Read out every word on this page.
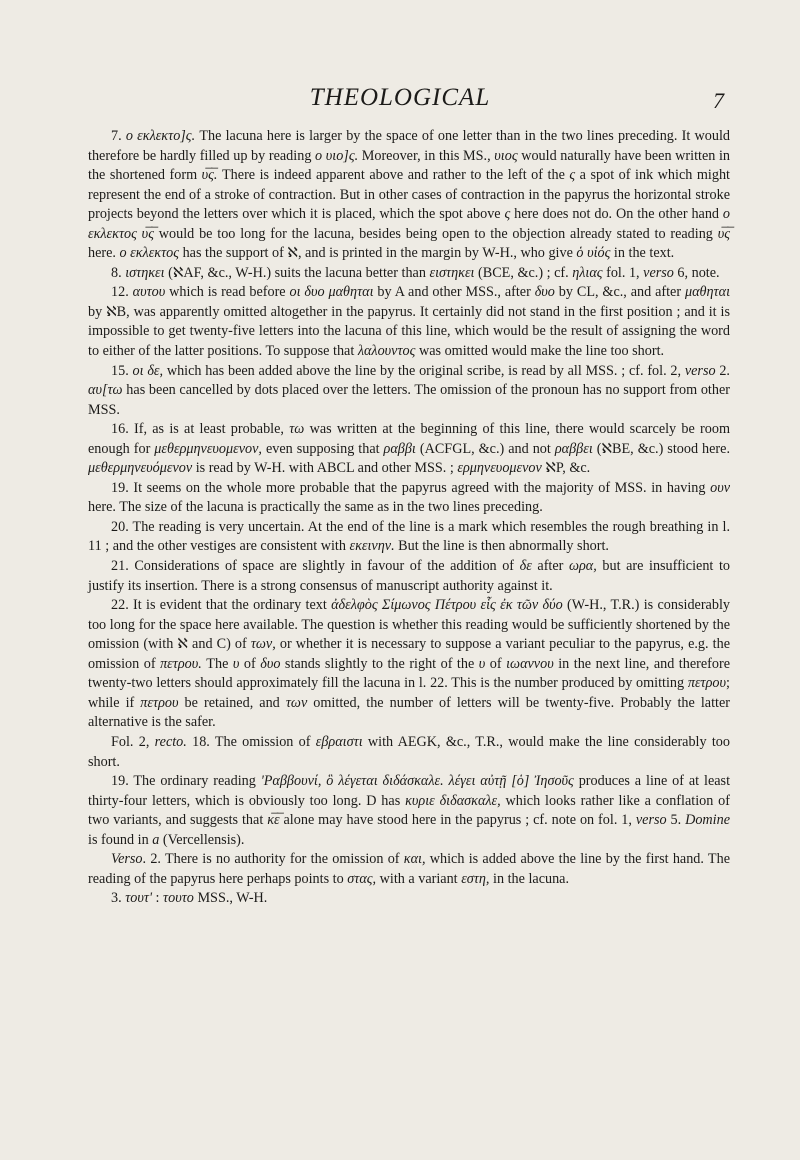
THEOLOGICAL	7

7. ο εκλεκτο]ς. The lacuna here is larger by the space of one letter than in the two lines preceding. It would therefore be hardly filled up by reading ο υιο]ς. Moreover, in this MS., υιος would naturally have been written in the shortened form υ̅ς̅. There is indeed apparent above and rather to the left of the ς a spot of ink which might represent the end of a stroke of contraction. But in other cases of contraction in the papyrus the horizontal stroke projects beyond the letters over which it is placed, which the spot above ς here does not do. On the other hand ο εκλεκτος υ̅ς̅ would be too long for the lacuna, besides being open to the objection already stated to reading υ̅ς̅ here. ο εκλεκτος has the support of ℵ, and is printed in the margin by W-H., who give ὁ υἱός in the text.

8. ιστηκει (ℵAF, &c., W-H.) suits the lacuna better than ειστηκει (BCE, &c.) ; cf. ηλιας fol. 1, verso 6, note.

12. αυτου which is read before οι δυο μαθηται by A and other MSS., after δυο by CL, &c., and after μαθηται by ℵB, was apparently omitted altogether in the papyrus. It certainly did not stand in the first position ; and it is impossible to get twenty-five letters into the lacuna of this line, which would be the result of assigning the word to either of the latter positions. To suppose that λαλουντος was omitted would make the line too short.

15. οι δε, which has been added above the line by the original scribe, is read by all MSS. ; cf. fol. 2, verso 2. αυ[τω has been cancelled by dots placed over the letters. The omission of the pronoun has no support from other MSS.

16. If, as is at least probable, τω was written at the beginning of this line, there would scarcely be room enough for μεθερμηνευομενον, even supposing that ραββι (ACFGL, &c.) and not ραββει (ℵBE, &c.) stood here. μεθερμηνευόμενον is read by W-H. with ABCL and other MSS. ; ερμηνευομενον ℵP, &c.

19. It seems on the whole more probable that the papyrus agreed with the majority of MSS. in having ουν here. The size of the lacuna is practically the same as in the two lines preceding.

20. The reading is very uncertain. At the end of the line is a mark which resembles the rough breathing in l. 11 ; and the other vestiges are consistent with εκεινην. But the line is then abnormally short.

21. Considerations of space are slightly in favour of the addition of δε after ωρα, but are insufficient to justify its insertion. There is a strong consensus of manuscript authority against it.

22. It is evident that the ordinary text ἀδελφὸς Σίμωνος Πέτρου εἷς ἐκ τῶν δύο (W-H., T.R.) is considerably too long for the space here available. The question is whether this reading would be sufficiently shortened by the omission (with ℵ and C) of των, or whether it is necessary to suppose a variant peculiar to the papyrus, e.g. the omission of πετρου. The υ of δυο stands slightly to the right of the υ of ιωαννου in the next line, and therefore twenty-two letters should approximately fill the lacuna in l. 22. This is the number produced by omitting πετρου; while if πετρου be retained, and των omitted, the number of letters will be twenty-five. Probably the latter alternative is the safer.

Fol. 2, recto. 18. The omission of εβραιστι with AEGK, &c., T.R., would make the line considerably too short.

19. The ordinary reading 'Ραββουνί, ὃ λέγεται διδάσκαλε. λέγει αὐτῇ [ὁ] Ἰησοῦς produces a line of at least thirty-four letters, which is obviously too long. D has κυριε διδασκαλε, which looks rather like a conflation of two variants, and suggests that κ̅ε̅ alone may have stood here in the papyrus ; cf. note on fol. 1, verso 5. Domine is found in a (Vercellensis).

Verso. 2. There is no authority for the omission of και, which is added above the line by the first hand. The reading of the papyrus here perhaps points to στας, with a variant εστη, in the lacuna.

3. τουτ' : τουτο MSS., W-H.
